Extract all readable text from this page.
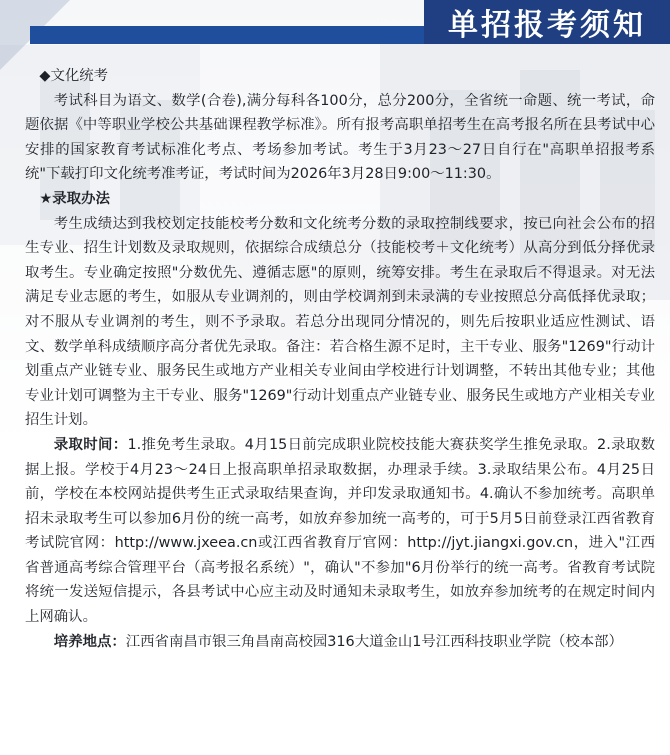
单招报考须知

◆文化统考

考试科目为语文、数学(合卷),满分每科各100分，总分200分，全省统一命题、统一考试，命题依据《中等职业学校公共基础课程教学标准》。所有报考高职单招考生在高考报名所在县考试中心安排的国家教育考试标准化考点、考场参加考试。考生于3月23～27日自行在"高职单招报考系统"下载打印文化统考准考证，考试时间为2026年3月28日9:00～11:30。

★录取办法

考生成绩达到我校划定技能校考分数和文化统考分数的录取控制线要求，按已向社会公布的招生专业、招生计划数及录取规则，依据综合成绩总分（技能校考＋文化统考）从高分到低分择优录取考生。专业确定按照"分数优先、遵循志愿"的原则，统筹安排。考生在录取后不得退录。对无法满足专业志愿的考生，如服从专业调剂的，则由学校调剂到未录满的专业按照总分高低择优录取；对不服从专业调剂的考生，则不予录取。若总分出现同分情况的，则先后按职业适应性测试、语文、数学单科成绩顺序高分者优先录取。备注：若合格生源不足时，主干专业、服务"1269"行动计划重点产业链专业、服务民生或地方产业相关专业间由学校进行计划调整，不转出其他专业；其他专业计划可调整为主干专业、服务"1269"行动计划重点产业链专业、服务民生或地方产业相关专业招生计划。

录取时间：1.推免考生录取。4月15日前完成职业院校技能大赛获奖学生推免录取。2.录取数据上报。学校于4月23～24日上报高职单招录取数据，办理录手续。3.录取结果公布。4月25日前，学校在本校网站提供考生正式录取结果查询，并印发录取通知书。4.确认不参加统考。高职单招未录取考生可以参加6月份的统一高考，如放弃参加统一高考的，可于5月5日前登录江西省教育考试院官网：http://www.jxeea.cn或江西省教育厅官网：http://jyt.jiangxi.gov.cn，进入"江西省普通高考综合管理平台（高考报名系统）"，确认"不参加"6月份举行的统一高考。省教育考试院将统一发送短信提示，各县考试中心应主动及时通知未录取考生，如放弃参加统考的在规定时间内上网确认。

培养地点：江西省南昌市银三角昌南高校园316大道金山1号江西科技职业学院（校本部）
